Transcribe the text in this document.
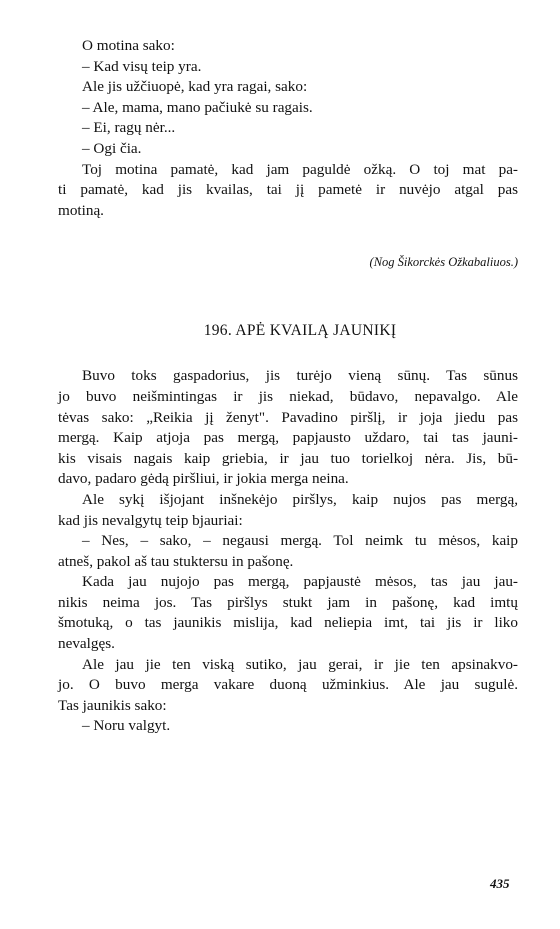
O motina sako:
– Kad visų teip yra.
Ale jis užčiuopė, kad yra ragai, sako:
– Ale, mama, mano pačiukė su ragais.
– Ei, ragų nėr...
– Ogi čia.
Toj motina pamatė, kad jam paguldė ožką. O toj mat pa-
ti pamatė, kad jis kvailas, tai jį pametė ir nuvėjo atgal pas
motiną.
(Nog Šikorckės Ožkabaliuos.)
196. APĖ KVAILĄ JAUNIKĮ
Buvo toks gaspadorius, jis turėjo vieną sūnų. Tas sūnus
jo buvo neišmintingas ir jis niekad, būdavo, nepavalgo. Ale
tėvas sako: „Reikia jį ženyt". Pavadino piršlį, ir joja jiedu pas
mergą. Kaip atjoja pas mergą, papjausto uždaro, tai tas jauni-
kis visais nagais kaip griebia, ir jau tuo torielkoj nėra. Jis, bū-
davo, padaro gėdą piršliui, ir jokia merga neina.
Ale sykį išjojant inšnekėjo piršlys, kaip nujos pas mergą,
kad jis nevalgytų teip bjauriai:
– Nes, – sako, – negausi mergą. Tol neimk tu mėsos, kaip
atneš, pakol aš tau stuktersu in pašonę.
Kada jau nujojo pas mergą, papjaustė mėsos, tas jau jau-
nikis neima jos. Tas piršlys stukt jam in pašonę, kad imtų
šmotuką, o tas jaunikis mislija, kad neliepia imt, tai jis ir liko
nevalgęs.
Ale jau jie ten viską sutiko, jau gerai, ir jie ten apsinakvo-
jo. O buvo merga vakare duoną užminkius. Ale jau sugulė.
Tas jaunikis sako:
– Noru valgyt.
435
